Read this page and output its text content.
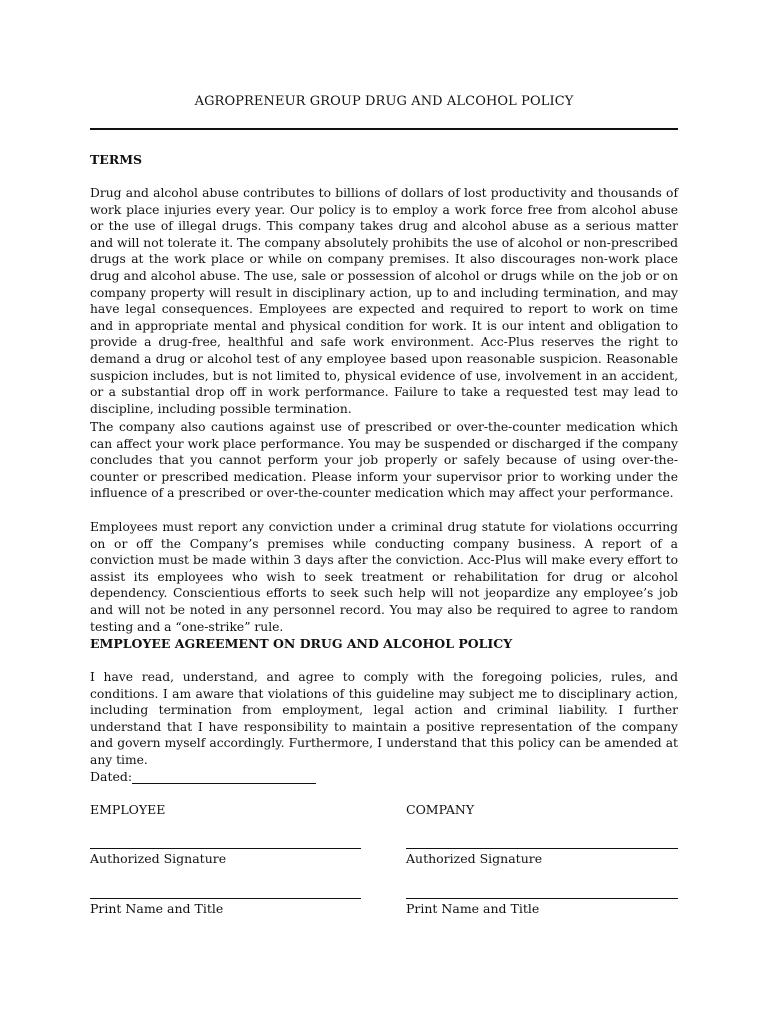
AGROPRENEUR GROUP DRUG AND ALCOHOL POLICY
TERMS

Drug and alcohol abuse contributes to billions of dollars of lost productivity and thousands of work place injuries every year. Our policy is to employ a work force free from alcohol abuse or the use of illegal drugs. This company takes drug and alcohol abuse as a serious matter and will not tolerate it. The company absolutely prohibits the use of alcohol or non-prescribed drugs at the work place or while on company premises. It also discourages non-work place drug and alcohol abuse. The use, sale or possession of alcohol or drugs while on the job or on company property will result in disciplinary action, up to and including termination, and may have legal consequences. Employees are expected and required to report to work on time and in appropriate mental and physical condition for work. It is our intent and obligation to provide a drug-free, healthful and safe work environment. Acc-Plus reserves the right to demand a drug or alcohol test of any employee based upon reasonable suspicion. Reasonable suspicion includes, but is not limited to, physical evidence of use, involvement in an accident, or a substantial drop off in work performance. Failure to take a requested test may lead to discipline, including possible termination.

The company also cautions against use of prescribed or over-the-counter medication which can affect your work place performance. You may be suspended or discharged if the company concludes that you cannot perform your job properly or safely because of using over-the-counter or prescribed medication. Please inform your supervisor prior to working under the influence of a prescribed or over-the-counter medication which may affect your performance.

Employees must report any conviction under a criminal drug statute for violations occurring on or off the Company’s premises while conducting company business. A report of a conviction must be made within 3 days after the conviction. Acc-Plus will make every effort to assist its employees who wish to seek treatment or rehabilitation for drug or alcohol dependency. Conscientious efforts to seek such help will not jeopardize any employee’s job and will not be noted in any personnel record. You may also be required to agree to random testing and a “one-strike” rule.

EMPLOYEE AGREEMENT ON DRUG AND ALCOHOL POLICY

I have read, understand, and agree to comply with the foregoing policies, rules, and conditions. I am aware that violations of this guideline may subject me to disciplinary action, including termination from employment, legal action and criminal liability. I further understand that I have responsibility to maintain a positive representation of the company and govern myself accordingly. Furthermore, I understand that this policy can be amended at any time.

Dated:
EMPLOYEE	COMPANY
Authorized Signature	Authorized Signature
Print Name and Title	Print Name and Title
